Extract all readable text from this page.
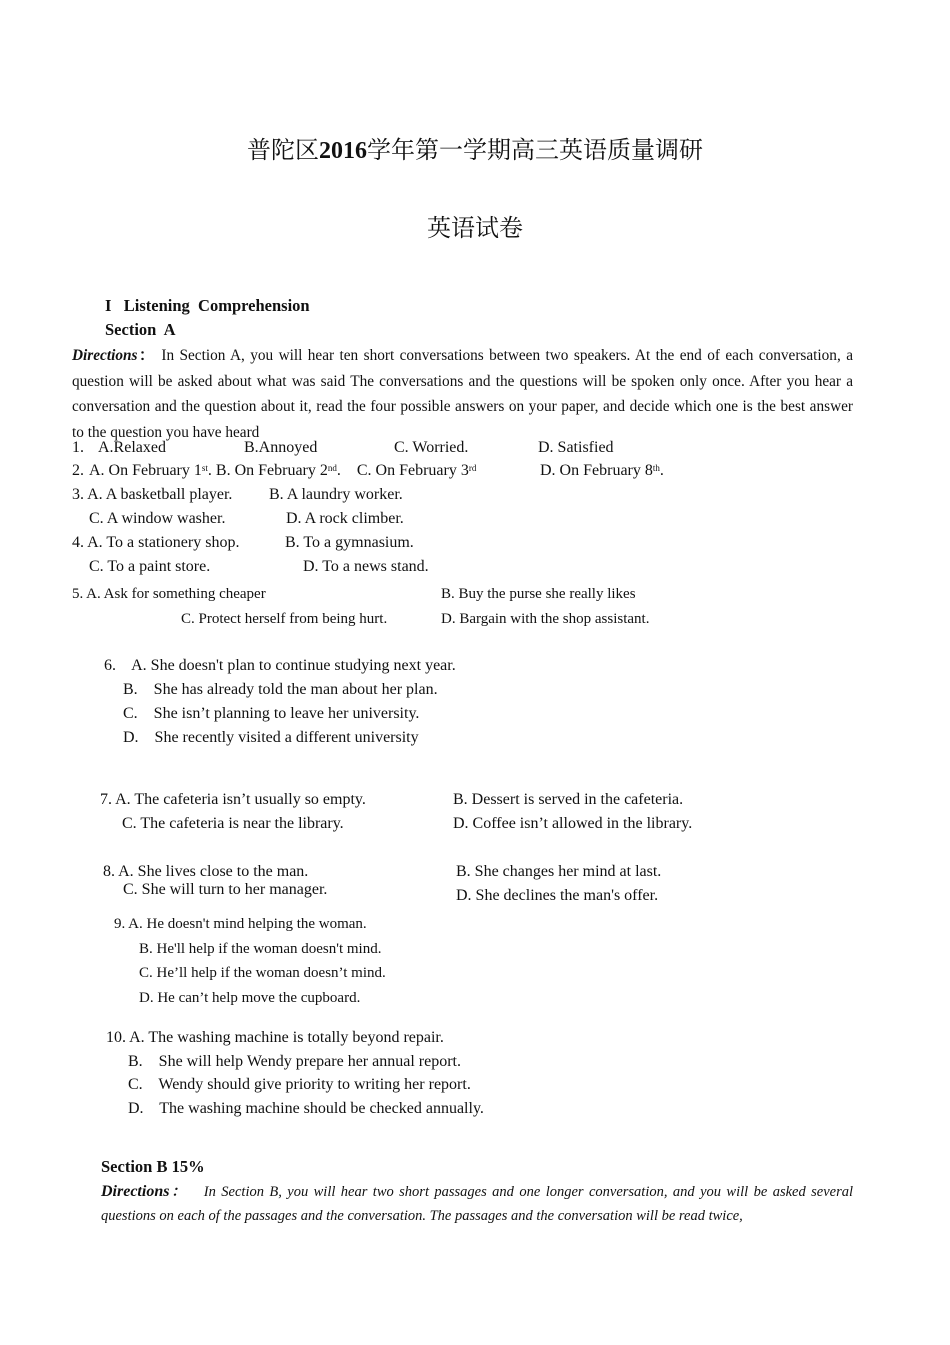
普陀区2016学年第一学期高三英语质量调研
英语试卷
I   Listening  Comprehension
Section  A
Directions： In Section A, you will hear ten short conversations between two speakers. At the end of each conversation, a question will be asked about what was said The conversations and the questions will be spoken only once. After you hear a conversation and the question about it, read the four possible answers on your paper, and decide which one is the best answer to the question you have heard
1. A.Relaxed	B.Annoyed	C. Worried.	D. Satisfied
2. A. On February 1st. B. On February 2nd.    C. On February 3rd	D. On February 8th.
3. A. A basketball player. B. A laundry worker.
C. A window washer.	D. A rock climber.
4. A. To a stationery shop.	B. To a gymnasium.
C. To a paint store.	D. To a news stand.
5. A. Ask for something cheaper	B. Buy the purse she really likes
C. Protect herself from being hurt.	D. Bargain with the shop assistant.
6.    A. She doesn't plan to continue studying next year.
B.    She has already told the man about her plan.
C.    She isn’t planning to leave her university.
D.    She recently visited a different university
7. A. The cafeteria isn’t usually so empty.	B. Dessert is served in the cafeteria.
C. The cafeteria is near the library.	D. Coffee isn’t allowed in the library.
8. A. She lives close to the man.	B. She changes her mind at last.
C. She will turn to her manager.	D. She declines the man's offer.
9. A. He doesn't mind helping the woman.
B. He'll help if the woman doesn't mind.
C. He’ll help if the woman doesn’t mind.
D. He can’t help move the cupboard.
10. A. The washing machine is totally beyond repair.
B.    She will help Wendy prepare her annual report.
C.    Wendy should give priority to writing her report.
D.    The washing machine should be checked annually.
Section B 15%
Directions： In Section B, you will hear two short passages and one longer conversation, and you will be asked several questions on each of the passages and the conversation. The passages and the conversation will be read twice,
